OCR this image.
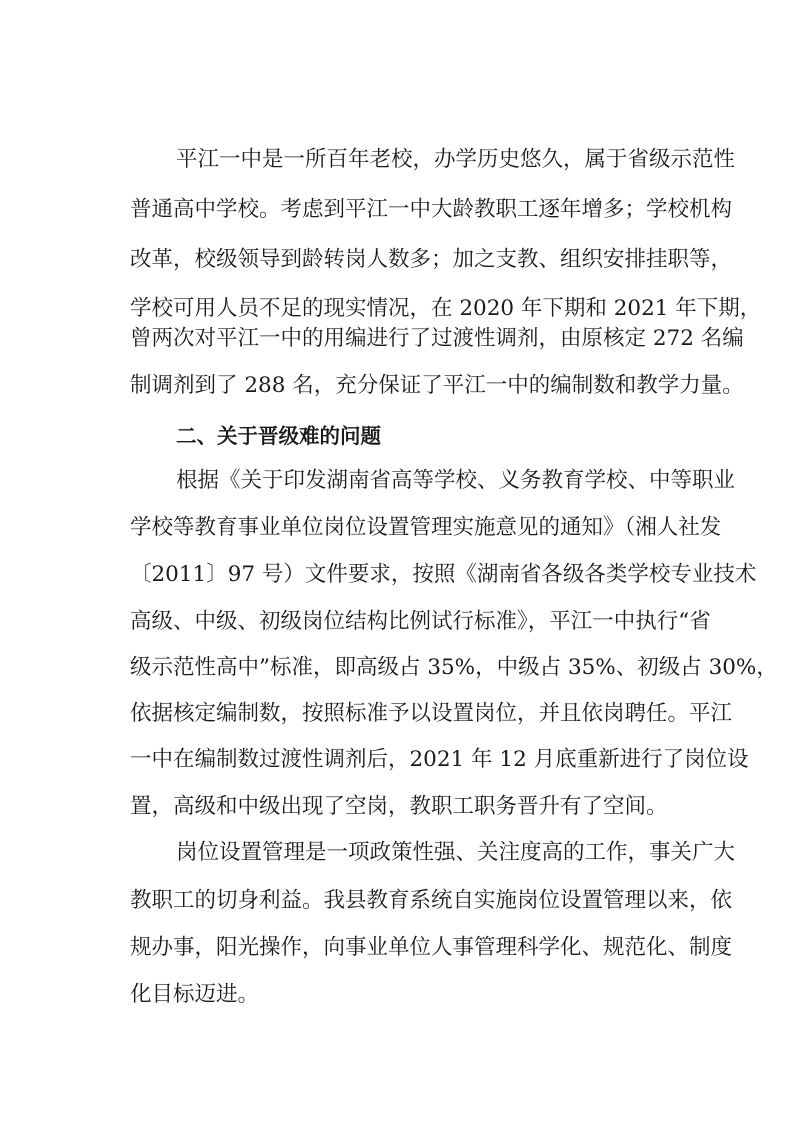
平江一中是一所百年老校，办学历史悠久，属于省级示范性
普通高中学校。考虑到平江一中大龄教职工逐年增多；学校机构
改革，校级领导到龄转岗人数多；加之支教、组织安排挂职等，
学校可用人员不足的现实情况，在 2020 年下期和 2021 年下期，
曾两次对平江一中的用编进行了过渡性调剂，由原核定 272 名编
制调剂到了 288 名，充分保证了平江一中的编制数和教学力量。
二、关于晋级难的问题
根据《关于印发湖南省高等学校、义务教育学校、中等职业
学校等教育事业单位岗位设置管理实施意见的通知》（湘人社发
〔2011〕97 号）文件要求，按照《湖南省各级各类学校专业技术
高级、中级、初级岗位结构比例试行标准》，平江一中执行“省
级示范性高中”标准，即高级占 35%，中级占 35%、初级占 30%，
依据核定编制数，按照标准予以设置岗位，并且依岗聘任。平江
一中在编制数过渡性调剂后，2021 年 12 月底重新进行了岗位设
置，高级和中级出现了空岗，教职工职务晋升有了空间。
岗位设置管理是一项政策性强、关注度高的工作，事关广大
教职工的切身利益。我县教育系统自实施岗位设置管理以来，依
规办事，阳光操作，向事业单位人事管理科学化、规范化、制度
化目标迈进。
